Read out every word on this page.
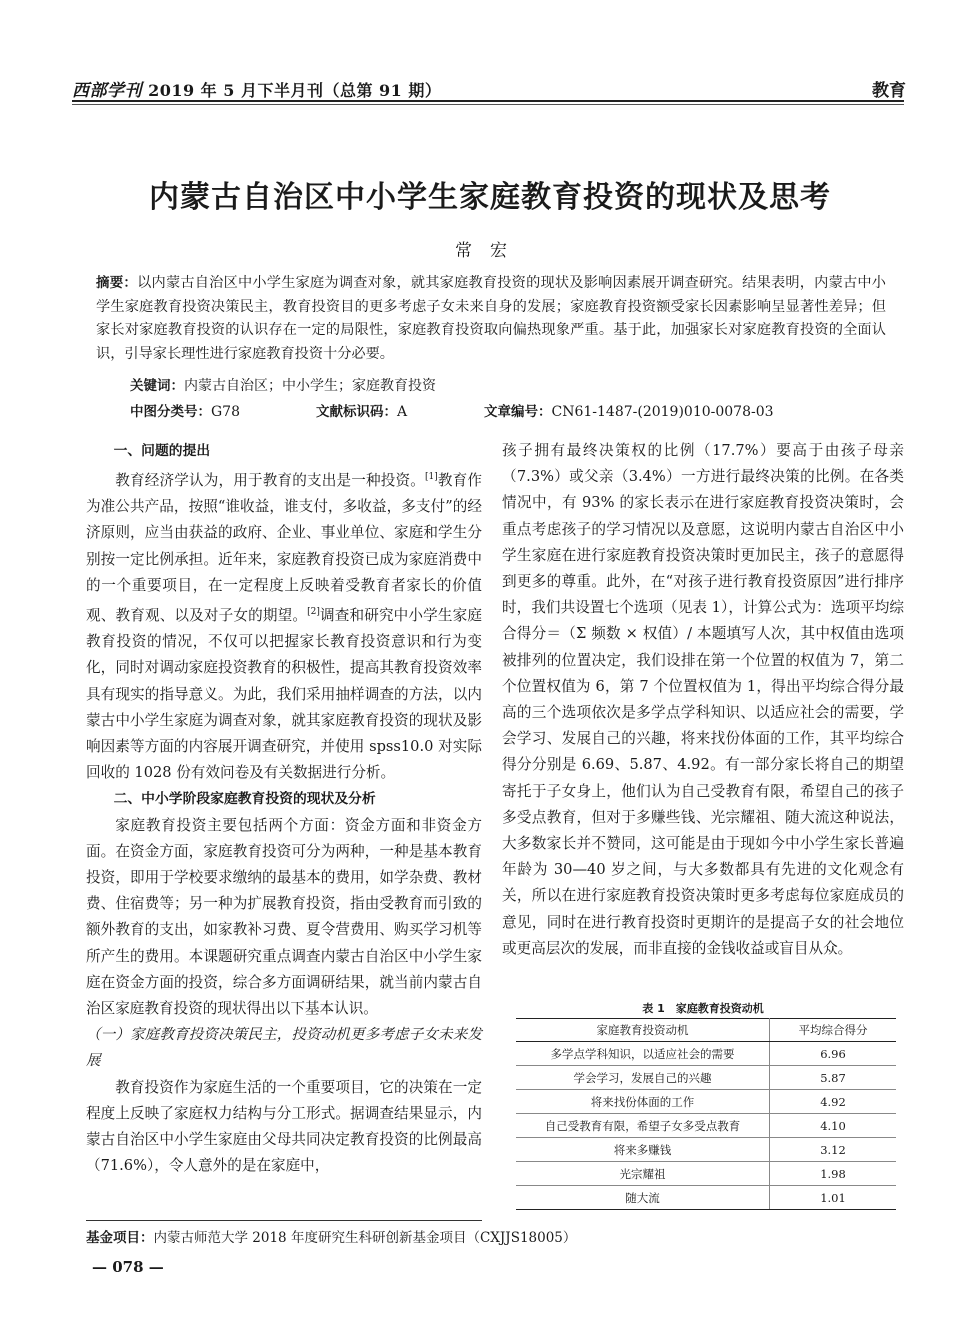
西部学刊 2019 年 5 月下半月刊（总第 91 期）	教育
内蒙古自治区中小学生家庭教育投资的现状及思考
常宏
摘要：以内蒙古自治区中小学生家庭为调查对象，就其家庭教育投资的现状及影响因素展开调查研究。结果表明，内蒙古中小学生家庭教育投资决策民主，教育投资目的更多考虑子女未来自身的发展；家庭教育投资额受家长因素影响呈显著性差异；但家长对家庭教育投资的认识存在一定的局限性，家庭教育投资取向偏热现象严重。基于此，加强家长对家庭教育投资的全面认识，引导家长理性进行家庭教育投资十分必要。
关键词：内蒙古自治区；中小学生；家庭教育投资
中图分类号：G78	文献标识码：A	文章编号：CN61-1487-(2019)010-0078-03

一、问题的提出

教育经济学认为，用于教育的支出是一种投资。[1]教育作为准公共产品，按照“谁收益，谁支付，多收益，多支付”的经济原则，应当由获益的政府、企业、事业单位、家庭和学生分别按一定比例承担。近年来，家庭教育投资已成为家庭消费中的一个重要项目，在一定程度上反映着受教育者家长的价值观、教育观、以及对子女的期望。[2]调查和研究中小学生家庭教育投资的情况，不仅可以把握家长教育投资意识和行为变化，同时对调动家庭投资教育的积极性，提高其教育投资效率具有现实的指导意义。为此，我们采用抽样调查的方法，以内蒙古中小学生家庭为调查对象，就其家庭教育投资的现状及影响因素等方面的内容展开调查研究，并使用 spss10.0 对实际回收的 1028 份有效问卷及有关数据进行分析。

二、中小学阶段家庭教育投资的现状及分析

家庭教育投资主要包括两个方面：资金方面和非资金方面。在资金方面，家庭教育投资可分为两种，一种是基本教育投资，即用于学校要求缴纳的最基本的费用，如学杂费、教材费、住宿费等；另一种为扩展教育投资，指由受教育而引致的额外教育的支出，如家教补习费、夏令营费用、购买学习机等所产生的费用。本课题研究重点调查内蒙古自治区中小学生家庭在资金方面的投资，综合多方面调研结果，就当前内蒙古自治区家庭教育投资的现状得出以下基本认识。

（一）家庭教育投资决策民主，投资动机更多考虑子女未来发展

教育投资作为家庭生活的一个重要项目，它的决策在一定程度上反映了家庭权力结构与分工形式。据调查结果显示，内蒙古自治区中小学生家庭由父母共同决定教育投资的比例最高（71.6%），令人意外的是在家庭中，

孩子拥有最终决策权的比例（17.7%）要高于由孩子母亲（7.3%）或父亲（3.4%）一方进行最终决策的比例。在各类情况中，有 93% 的家长表示在进行家庭教育投资决策时，会重点考虑孩子的学习情况以及意愿，这说明内蒙古自治区中小学生家庭在进行家庭教育投资决策时更加民主，孩子的意愿得到更多的尊重。此外，在“对孩子进行教育投资原因”进行排序时，我们共设置七个选项（见表 1），计算公式为：选项平均综合得分＝（Σ 频数 × 权值）/ 本题填写人次，其中权值由选项被排列的位置决定，我们设排在第一个位置的权值为 7，第二个位置权值为 6，第 7 个位置权值为 1，得出平均综合得分最高的三个选项依次是多学点学科知识、以适应社会的需要，学会学习、发展自己的兴趣，将来找份体面的工作，其平均综合得分分别是 6.69、5.87、4.92。有一部分家长将自己的期望寄托于子女身上，他们认为自己受教育有限，希望自己的孩子多受点教育，但对于多赚些钱、光宗耀祖、随大流这种说法，大多数家长并不赞同，这可能是由于现如今中小学生家长普遍年龄为 30—40 岁之间，与大多数都具有先进的文化观念有关，所以在进行家庭教育投资决策时更多考虑每位家庭成员的意见，同时在进行教育投资时更期许的是提高子女的社会地位或更高层次的发展，而非直接的金钱收益或盲目从众。

表 1　家庭教育投资动机
家庭教育投资动机	平均综合得分
多学点学科知识，以适应社会的需要	6.96
学会学习，发展自己的兴趣	5.87
将来找份体面的工作	4.92
自己受教育有限，希望子女多受点教育	4.10
将来多赚钱	3.12
光宗耀祖	1.98
随大流	1.01
基金项目：内蒙古师范大学 2018 年度研究生科研创新基金项目（CXJJS18005）
— 078 —
